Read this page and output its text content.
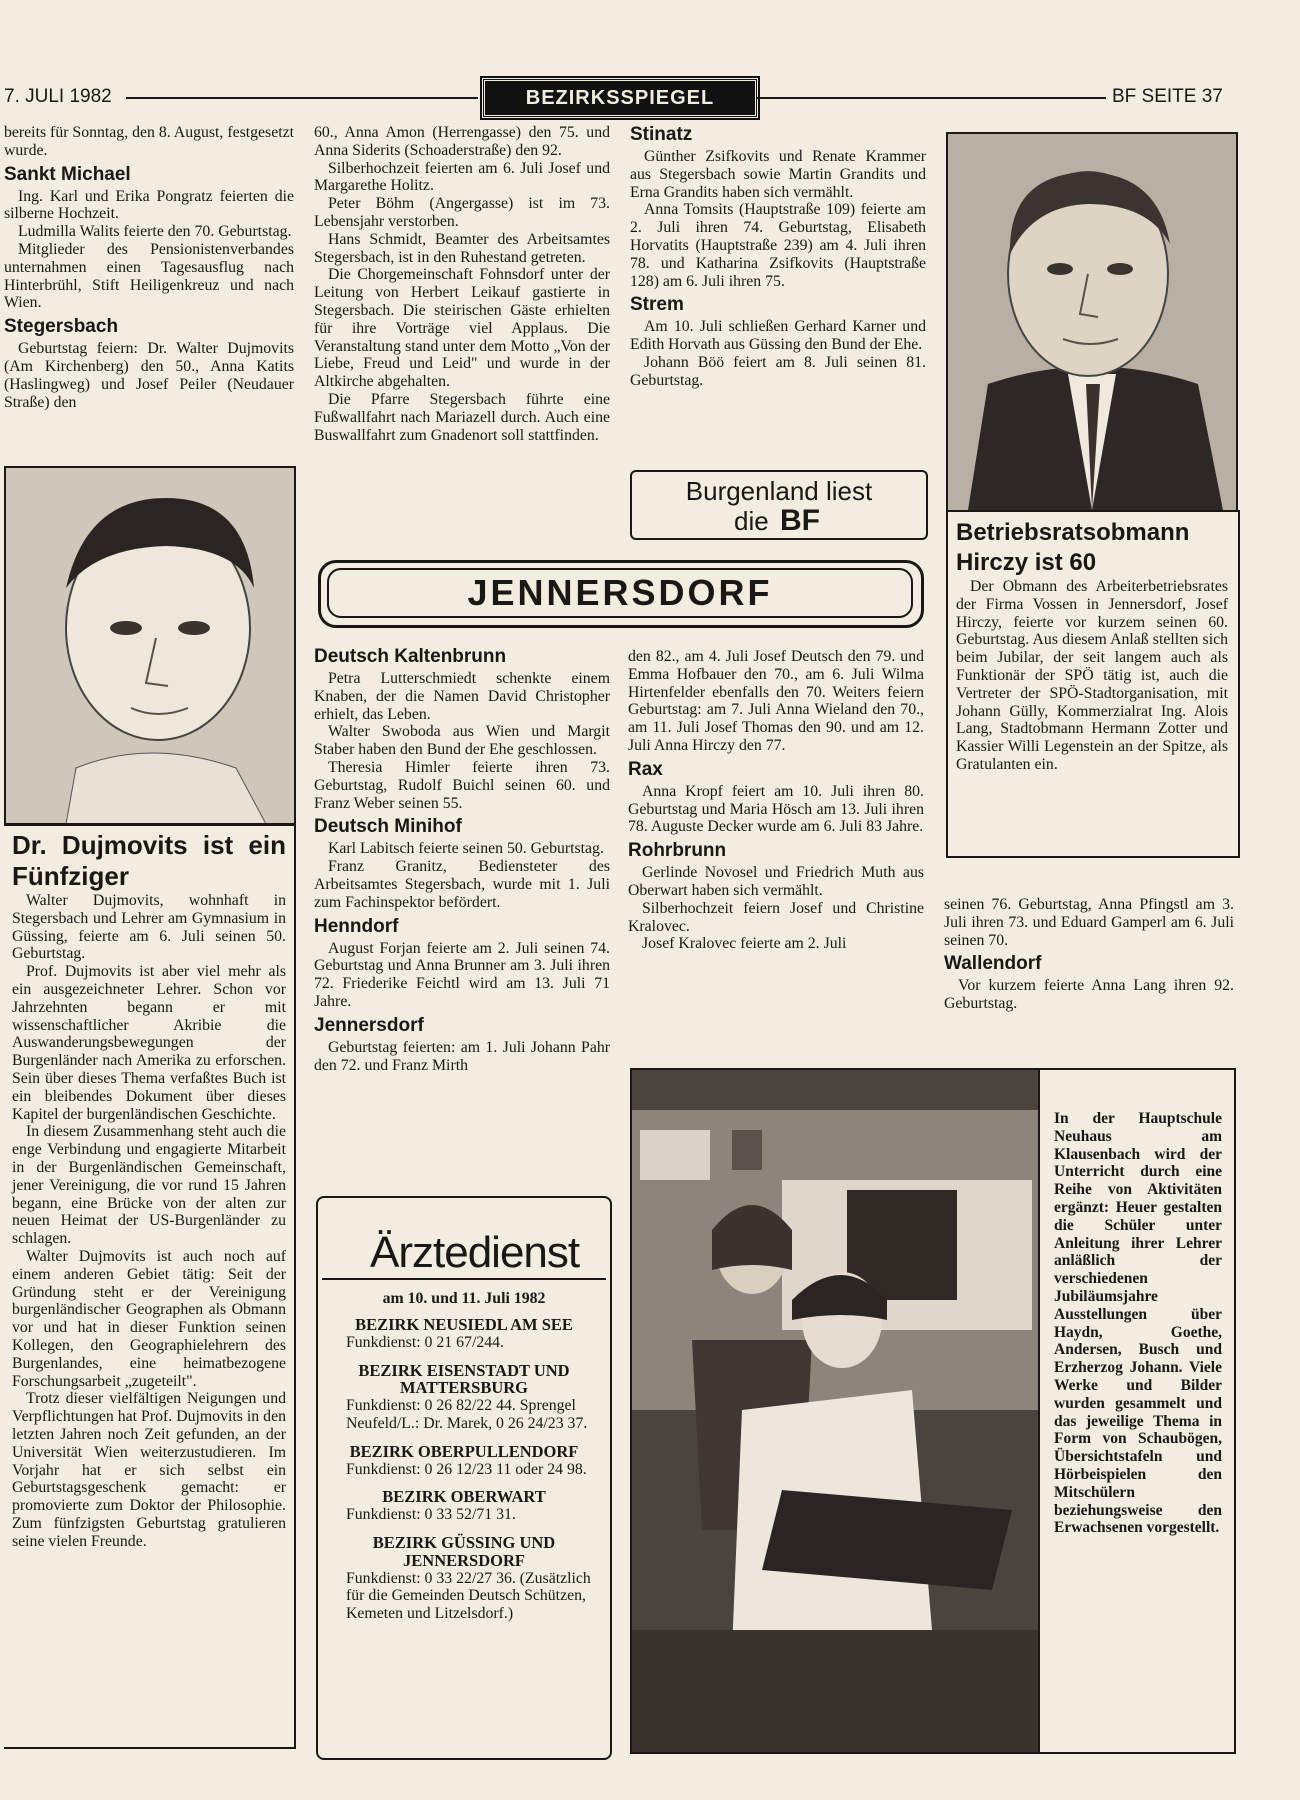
7. JULI 1982	BEZIRKSSPIEGEL	BF SEITE 37
bereits für Sonntag, den 8. August, festgesetzt wurde.
Sankt Michael

Ing. Karl und Erika Pongratz feierten die silberne Hochzeit.

Ludmilla Walits feierte den 70. Geburtstag.

Mitglieder des Pensionistenverbandes unternahmen einen Tagesausflug nach Hinterbrühl, Stift Heiligenkreuz und nach Wien.

Stegersbach

Geburtstag feiern: Dr. Walter Dujmovits (Am Kirchenberg) den 50., Anna Katits (Haslingweg) und Josef Peiler (Neudauer Straße) den

Dr. Dujmovits ist ein Fünfziger

Walter Dujmovits, wohnhaft in Stegersbach und Lehrer am Gymnasium in Güssing, feierte am 6. Juli seinen 50. Geburtstag.

Prof. Dujmovits ist aber viel mehr als ein ausgezeichneter Lehrer. Schon vor Jahrzehnten begann er mit wissenschaftlicher Akribie die Auswanderungsbewegungen der Burgenländer nach Amerika zu erforschen. Sein über dieses Thema verfaßtes Buch ist ein bleibendes Dokument über dieses Kapitel der burgenländischen Geschichte.

In diesem Zusammenhang steht auch die enge Verbindung und engagierte Mitarbeit in der Burgenländischen Gemeinschaft, jener Vereinigung, die vor rund 15 Jahren begann, eine Brücke von der alten zur neuen Heimat der US-Burgenländer zu schlagen.

Walter Dujmovits ist auch noch auf einem anderen Gebiet tätig: Seit der Gründung steht er der Vereinigung burgenländischer Geographen als Obmann vor und hat in dieser Funktion seinen Kollegen, den Geographielehrern des Burgenlandes, eine heimatbezogene Forschungsarbeit „zugeteilt".

Trotz dieser vielfältigen Neigungen und Verpflichtungen hat Prof. Dujmovits in den letzten Jahren noch Zeit gefunden, an der Universität Wien weiterzustudieren. Im Vorjahr hat er sich selbst ein Geburtstagsgeschenk gemacht: er promovierte zum Doktor der Philosophie. Zum fünfzigsten Geburtstag gratulieren seine vielen Freunde.

60., Anna Amon (Herrengasse) den 75. und Anna Siderits (Schoaderstraße) den 92.

Silberhochzeit feierten am 6. Juli Josef und Margarethe Holitz.

Peter Böhm (Angergasse) ist im 73. Lebensjahr verstorben.

Hans Schmidt, Beamter des Arbeitsamtes Stegersbach, ist in den Ruhestand getreten.

Die Chorgemeinschaft Fohnsdorf unter der Leitung von Herbert Leikauf gastierte in Stegersbach. Die steirischen Gäste erhielten für ihre Vorträge viel Applaus. Die Veranstaltung stand unter dem Motto „Von der Liebe, Freud und Leid" und wurde in der Altkirche abgehalten.

Die Pfarre Stegersbach führte eine Fußwallfahrt nach Mariazell durch. Auch eine Buswallfahrt zum Gnadenort soll stattfinden.

Stinatz

Günther Zsifkovits und Renate Krammer aus Stegersbach sowie Martin Grandits und Erna Grandits haben sich vermählt.

Anna Tomsits (Hauptstraße 109) feierte am 2. Juli ihren 74. Geburtstag, Elisabeth Horvatits (Hauptstraße 239) am 4. Juli ihren 78. und Katharina Zsifkovits (Hauptstraße 128) am 6. Juli ihren 75.

Strem

Am 10. Juli schließen Gerhard Karner und Edith Horvath aus Güssing den Bund der Ehe.

Johann Böö feiert am 8. Juli seinen 81. Geburtstag.

Burgenland liest
die BF	Betriebsratsobmann Hirczy ist 60

Der Obmann des Arbeiterbetriebsrates der Firma Vossen in Jennersdorf, Josef Hirczy, feierte vor kurzem seinen 60. Geburtstag. Aus diesem Anlaß stellten sich beim Jubilar, der seit langem auch als Funktionär der SPÖ tätig ist, auch die Vertreter der SPÖ-Stadtorganisation, mit Johann Gülly, Kommerzialrat Ing. Alois Lang, Stadtobmann Hermann Zotter und Kassier Willi Legenstein an der Spitze, als Gratulanten ein.

JENNERSDORF
Deutsch Kaltenbrunn

Petra Lutterschmiedt schenkte einem Knaben, der die Namen David Christopher erhielt, das Leben.

Walter Swoboda aus Wien und Margit Staber haben den Bund der Ehe geschlossen.

Theresia Himler feierte ihren 73. Geburtstag, Rudolf Buichl seinen 60. und Franz Weber seinen 55.

Deutsch Minihof

Karl Labitsch feierte seinen 50. Geburtstag.

Franz Granitz, Bediensteter des Arbeitsamtes Stegersbach, wurde mit 1. Juli zum Fachinspektor befördert.

Henndorf

August Forjan feierte am 2. Juli seinen 74. Geburtstag und Anna Brunner am 3. Juli ihren 72. Friederike Feichtl wird am 13. Juli 71 Jahre.

Jennersdorf

Geburtstag feierten: am 1. Juli Johann Pahr den 72. und Franz Mirth

den 82., am 4. Juli Josef Deutsch den 79. und Emma Hofbauer den 70., am 6. Juli Wilma Hirtenfelder ebenfalls den 70. Weiters feiern Geburtstag: am 7. Juli Anna Wieland den 70., am 11. Juli Josef Thomas den 90. und am 12. Juli Anna Hirczy den 77.
Rax

Anna Kropf feiert am 10. Juli ihren 80. Geburtstag und Maria Hösch am 13. Juli ihren 78. Auguste Decker wurde am 6. Juli 83 Jahre.

Rohrbrunn

Gerlinde Novosel und Friedrich Muth aus Oberwart haben sich vermählt.

Silberhochzeit feiern Josef und Christine Kralovec.

Josef Kralovec feierte am 2. Juli

seinen 76. Geburtstag, Anna Pfingstl am 3. Juli ihren 73. und Eduard Gamperl am 6. Juli seinen 70.
Wallendorf

Vor kurzem feierte Anna Lang ihren 92. Geburtstag.

Ärztedienst
am 10. und 11. Juli 1982
BEZIRK NEUSIEDL AM SEE
Funkdienst: 0 21 67/244.
BEZIRK EISENSTADT UND MATTERSBURG
Funkdienst: 0 26 82/22 44. Sprengel Neufeld/L.: Dr. Marek, 0 26 24/23 37.
BEZIRK OBERPULLENDORF
Funkdienst: 0 26 12/23 11 oder 24 98.
BEZIRK OBERWART
Funkdienst: 0 33 52/71 31.
BEZIRK GÜSSING UND JENNERSDORF
Funkdienst: 0 33 22/27 36. (Zusätzlich für die Gemeinden Deutsch Schützen, Kemeten und Litzelsdorf.)
In der Hauptschule Neuhaus am Klausenbach wird der Unterricht durch eine Reihe von Aktivitäten ergänzt: Heuer gestalten die Schüler unter Anleitung ihrer Lehrer anläßlich der verschiedenen Jubiläumsjahre Ausstellungen über Haydn, Goethe, Andersen, Busch und Erzherzog Johann. Viele Werke und Bilder wurden gesammelt und das jeweilige Thema in Form von Schaubögen, Übersichtstafeln und Hörbeispielen den Mitschülern beziehungsweise den Erwachsenen vorgestellt.
